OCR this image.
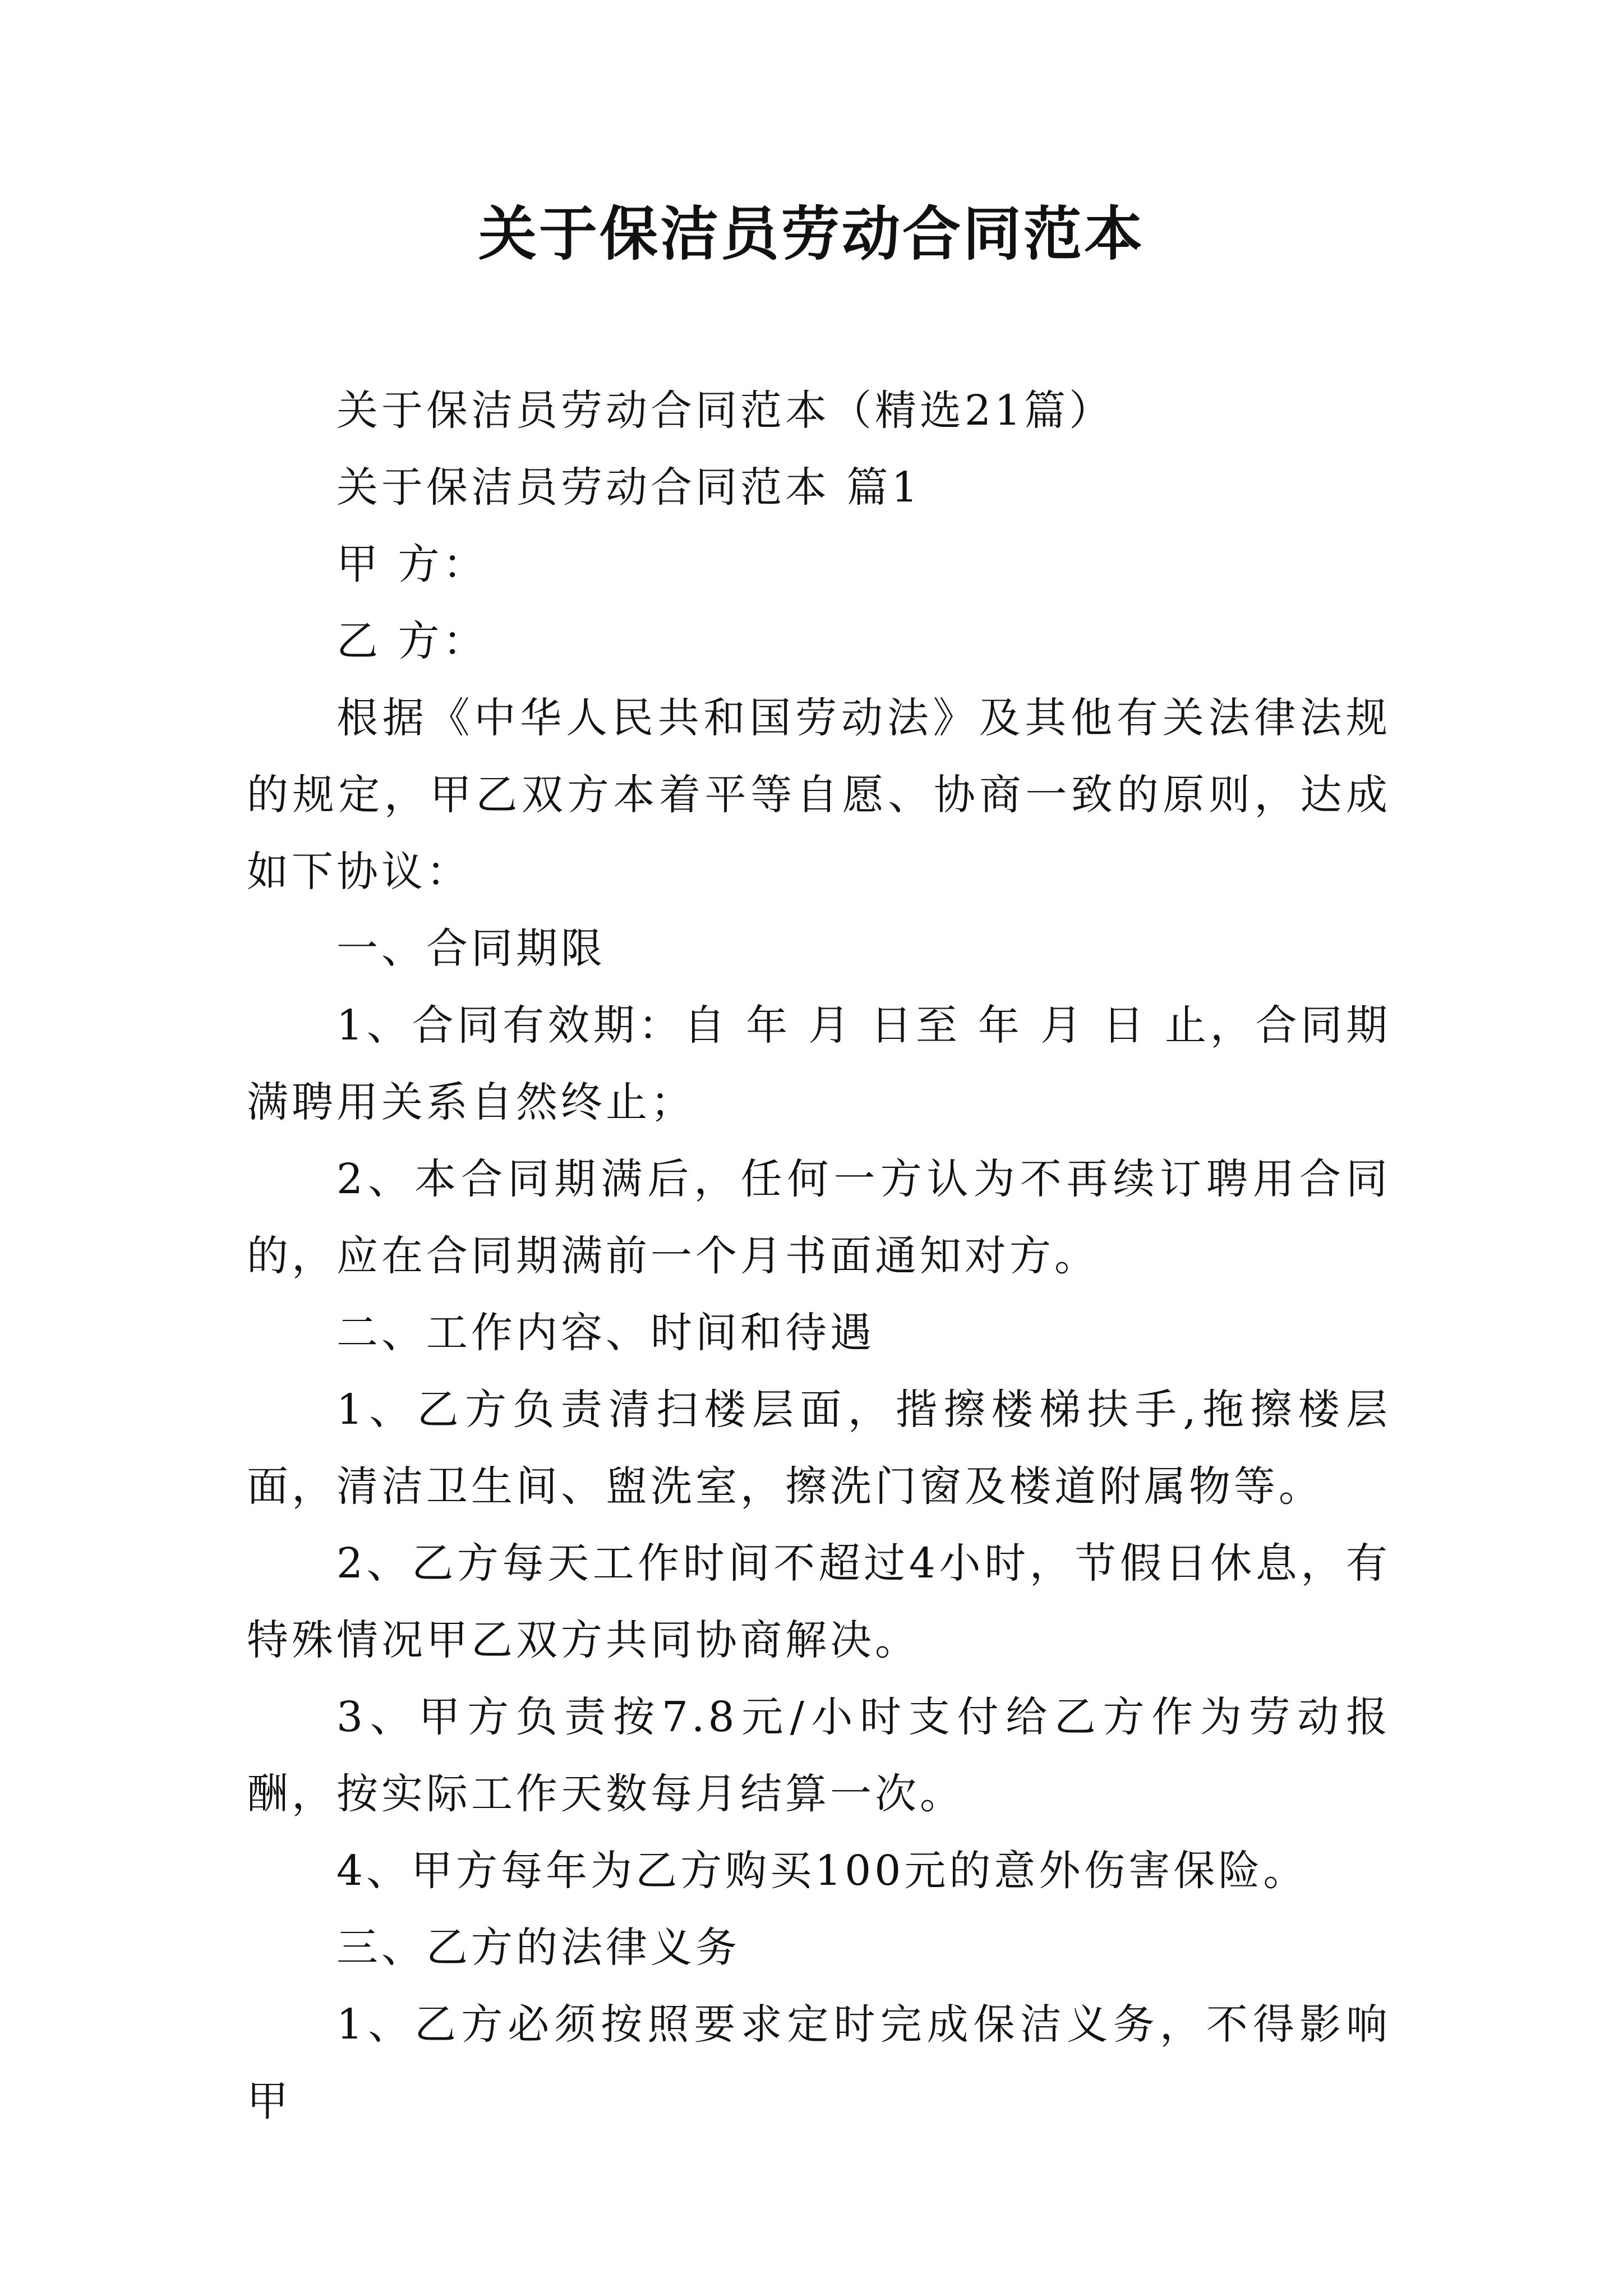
关于保洁员劳动合同范本

关于保洁员劳动合同范本（精选21篇）

关于保洁员劳动合同范本 篇1

甲 方：

乙 方：

根据《中华人民共和国劳动法》及其他有关法律法规的规定，甲乙双方本着平等自愿、协商一致的原则，达成如下协议：

一、合同期限

1、合同有效期：自 年 月 日至 年 月 日 止，合同期满聘用关系自然终止；

2、本合同期满后，任何一方认为不再续订聘用合同的，应在合同期满前一个月书面通知对方。

二、工作内容、时间和待遇

1、乙方负责清扫楼层面，揩擦楼梯扶手,拖擦楼层面，清洁卫生间、盥洗室，擦洗门窗及楼道附属物等。

2、乙方每天工作时间不超过4小时，节假日休息，有特殊情况甲乙双方共同协商解决。

3、甲方负责按7.8元/小时支付给乙方作为劳动报酬，按实际工作天数每月结算一次。

4、甲方每年为乙方购买100元的意外伤害保险。

三、乙方的法律义务

1、乙方必须按照要求定时完成保洁义务，不得影响甲
